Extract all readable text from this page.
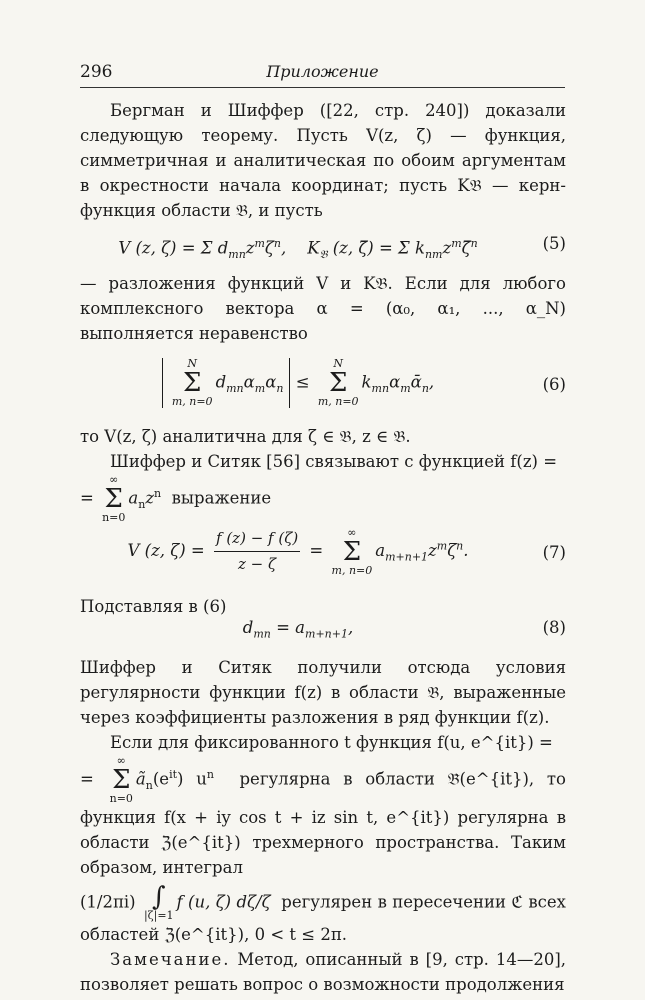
296	Приложение

Бергман и Шиффер ([22, стр. 240]) доказали следующую теорему. Пусть V(z, ζ) — функция, симметричная и аналитическая по обоим аргументам в окрестности начала координат; пусть K𝔅 — керн-функция области 𝔅, и пусть

V (z, ζ) = Σ $d_{mn}z^m\zeta^n$,    $K_𝔅$ (z, ζ̄) = Σ $k_{nm}z^m\zetā^n$	(5)

— разложения функций V и K𝔅. Если для любого комплексного вектора α = (α₀, α₁, ..., α_N) выполняется неравенство

N
Σ
m, n=0
$d_{mn}\alpha_m\alpha_n$ ≤
N
Σ
m, n=0
$k_{mn}\alpha_mᾱ_n$,	(6)

то V(z, ζ) аналитична для ζ ∈ 𝔅, z ∈ 𝔅.

Шиффер и Ситяк [56] связывают с функцией f(z) =

=
∞
Σ
n=0
$a_nz^n$ выражение
V (z, $\zeta) = \frac{f (z) - f (\zeta)}{z - \zeta}$ =
∞
Σ
m, n=0
$a_{m+n+1}z^m\zeta^n$.	(7)

Подставляя в (6)

$d_{mn} = a_{m+n+1}$,	(8)

Шиффер и Ситяк получили отсюда условия регулярности функции f(z) в области 𝔅, выраженные через коэффициенты разложения в ряд функции f(z).

Если для фиксированного t функция f(u, e^{it}) =

=
∞
Σ
n=0
$ã_n(e^{it})$ $u^n$ регулярна в области 𝔅̃(e^{it}), то функция f(x + iy cos t + iz sin t, e^{it}) регулярна в области ℨ(e^{it}) трехмерного пространства. Таким образом, интеграл
(1/2πi) ∫
|ζ|=1
f (u, ζ) dζ/ζ регулярен в пересечении ℭ всех областей ℨ(e^{it}), 0 < t ≤ 2π.

Замечание. Метод, описанный в [9, стр. 14—20], позволяет решать вопрос о возможности продолжения
